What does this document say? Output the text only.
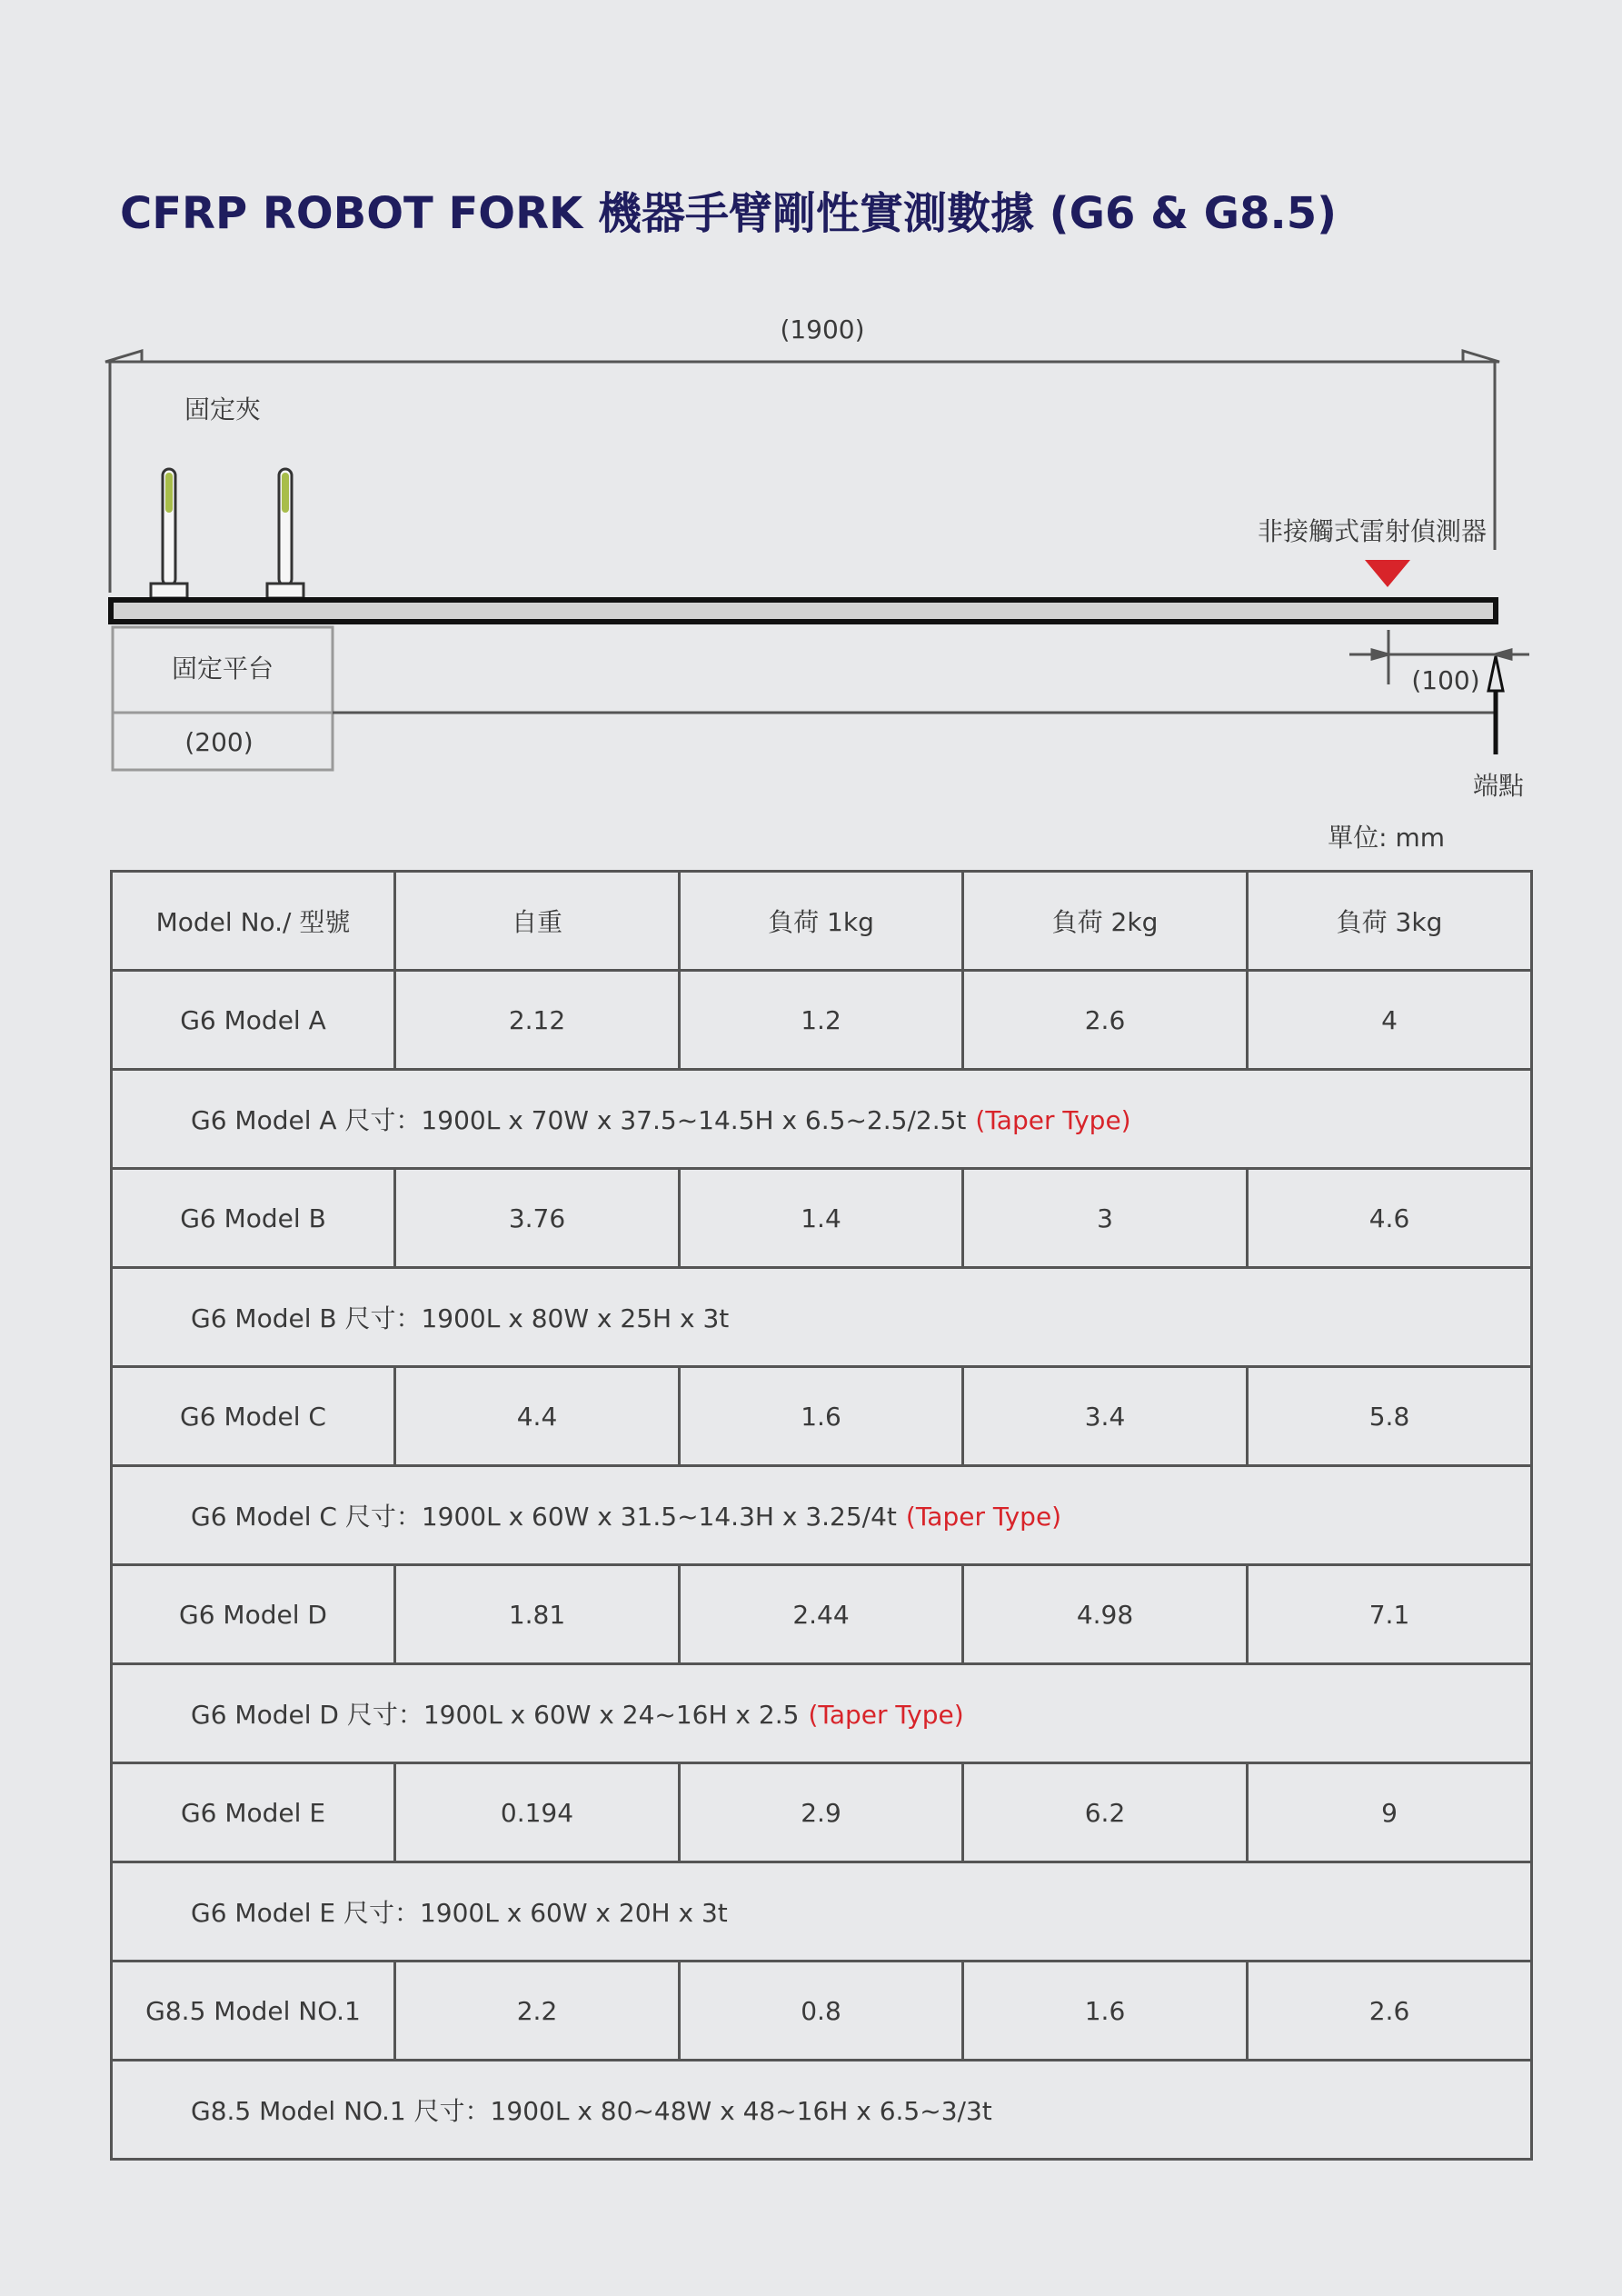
CFRP ROBOT FORK 機器手臂剛性實測數據 (G6 & G8.5)
(1900)
固定夾
非接觸式雷射偵測器
固定平台
(200)
(100)
端點
單位: mm
Model No./ 型號	自重	負荷 1kg	負荷 2kg	負荷 3kg
G6 Model A	2.12	1.2	2.6	4
G6 Model A 尺寸：1900L x 70W x 37.5~14.5H x 6.5~2.5/2.5t (Taper Type)				
G6 Model B	3.76	1.4	3	4.6
G6 Model B 尺寸：1900L x 80W x 25H x 3t				
G6 Model C	4.4	1.6	3.4	5.8
G6 Model C 尺寸：1900L x 60W x 31.5~14.3H x 3.25/4t (Taper Type)				
G6 Model D	1.81	2.44	4.98	7.1
G6 Model D 尺寸：1900L x 60W x 24~16H x 2.5 (Taper Type)				
G6 Model E	0.194	2.9	6.2	9
G6 Model E 尺寸：1900L x 60W x 20H x 3t				
G8.5 Model NO.1	2.2	0.8	1.6	2.6
G8.5 Model NO.1 尺寸：1900L x 80~48W x 48~16H x 6.5~3/3t				
